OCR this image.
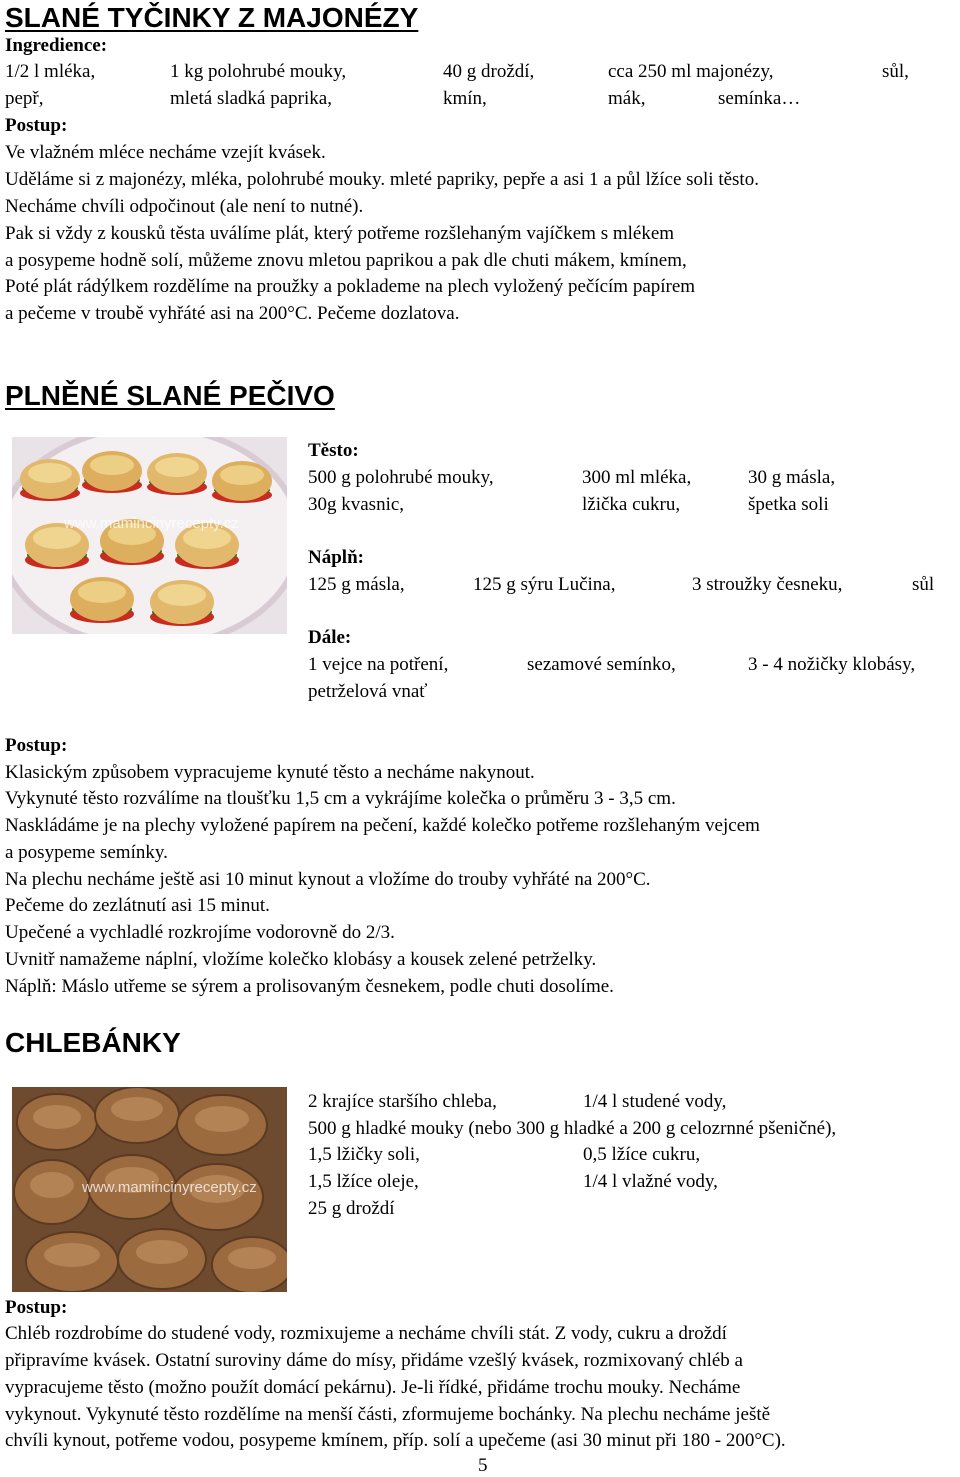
SLANÉ TYČINKY Z MAJONÉZY
Ingredience:
1/2 l mléka,	1 kg polohrubé mouky,	40 g droždí,	cca 250 ml majonézy,	sůl,
pepř,	mletá sladká paprika,	kmín,	mák,	semínka…
Postup:
Ve vlažném mléce necháme vzejít kvásek.
Uděláme si z majonézy, mléka, polohrubé mouky. mleté papriky, pepře a asi 1 a půl lžíce soli těsto.
Necháme chvíli odpočinout (ale není to nutné).
Pak si vždy z kousků těsta uválíme plát, který potřeme rozšlehaným vajíčkem s mlékem
a posypeme hodně solí, můžeme znovu mletou paprikou a pak dle chuti mákem, kmínem,
Poté plát rádýlkem rozdělíme na proužky a poklademe na plech vyložený pečícím papírem
a pečeme v troubě vyhřáté asi na 200°C. Pečeme dozlatova.
PLNĚNÉ SLANÉ PEČIVO
www.mamincinyrecepty.cz
Těsto:
500 g polohrubé mouky,	300 ml mléka,	30 g másla,
30g kvasnic,	lžička cukru,	špetka soli
Náplň:
125 g másla,	125 g sýru Lučina,	3 stroužky česneku,	sůl
Dále:
1 vejce na potření,	sezamové semínko,	3 - 4 nožičky klobásy,
petrželová vnať
Postup:
Klasickým způsobem vypracujeme kynuté těsto a necháme nakynout.
Vykynuté těsto rozválíme na tloušťku 1,5 cm a vykrájíme kolečka o průměru 3 - 3,5 cm.
Naskládáme je na plechy vyložené papírem na pečení, každé kolečko potřeme rozšlehaným vejcem
a posypeme semínky.
Na plechu necháme ještě asi 10 minut kynout a vložíme do trouby vyhřáté na 200°C.
Pečeme do zezlátnutí asi 15 minut.
Upečené a vychladlé rozkrojíme vodorovně do 2/3.
Uvnitř namažeme náplní, vložíme kolečko klobásy a kousek zelené petrželky.
Náplň: Máslo utřeme se sýrem a prolisovaným česnekem, podle chuti dosolíme.
CHLEBÁNKY
www.mamincinyrecepty.cz
2 krajíce staršího chleba,	1/4 l studené vody,
500 g hladké mouky (nebo 300 g hladké a 200 g celozrnné pšeničné),
1,5 lžičky soli,	0,5 lžíce cukru,
1,5 lžíce oleje,	1/4 l vlažné vody,
25 g droždí
Postup:
Chléb rozdrobíme do studené vody, rozmixujeme a necháme chvíli stát. Z vody, cukru a droždí
připravíme kvásek. Ostatní suroviny dáme do mísy, přidáme vzešlý kvásek, rozmixovaný chléb a
vypracujeme těsto (možno použít domácí pekárnu). Je-li řídké, přidáme trochu mouky. Necháme
vykynout. Vykynuté těsto rozdělíme na menší části, zformujeme bochánky. Na plechu necháme ještě
chvíli kynout, potřeme vodou, posypeme kmínem, příp. solí a upečeme (asi 30 minut při 180 - 200°C).
5
